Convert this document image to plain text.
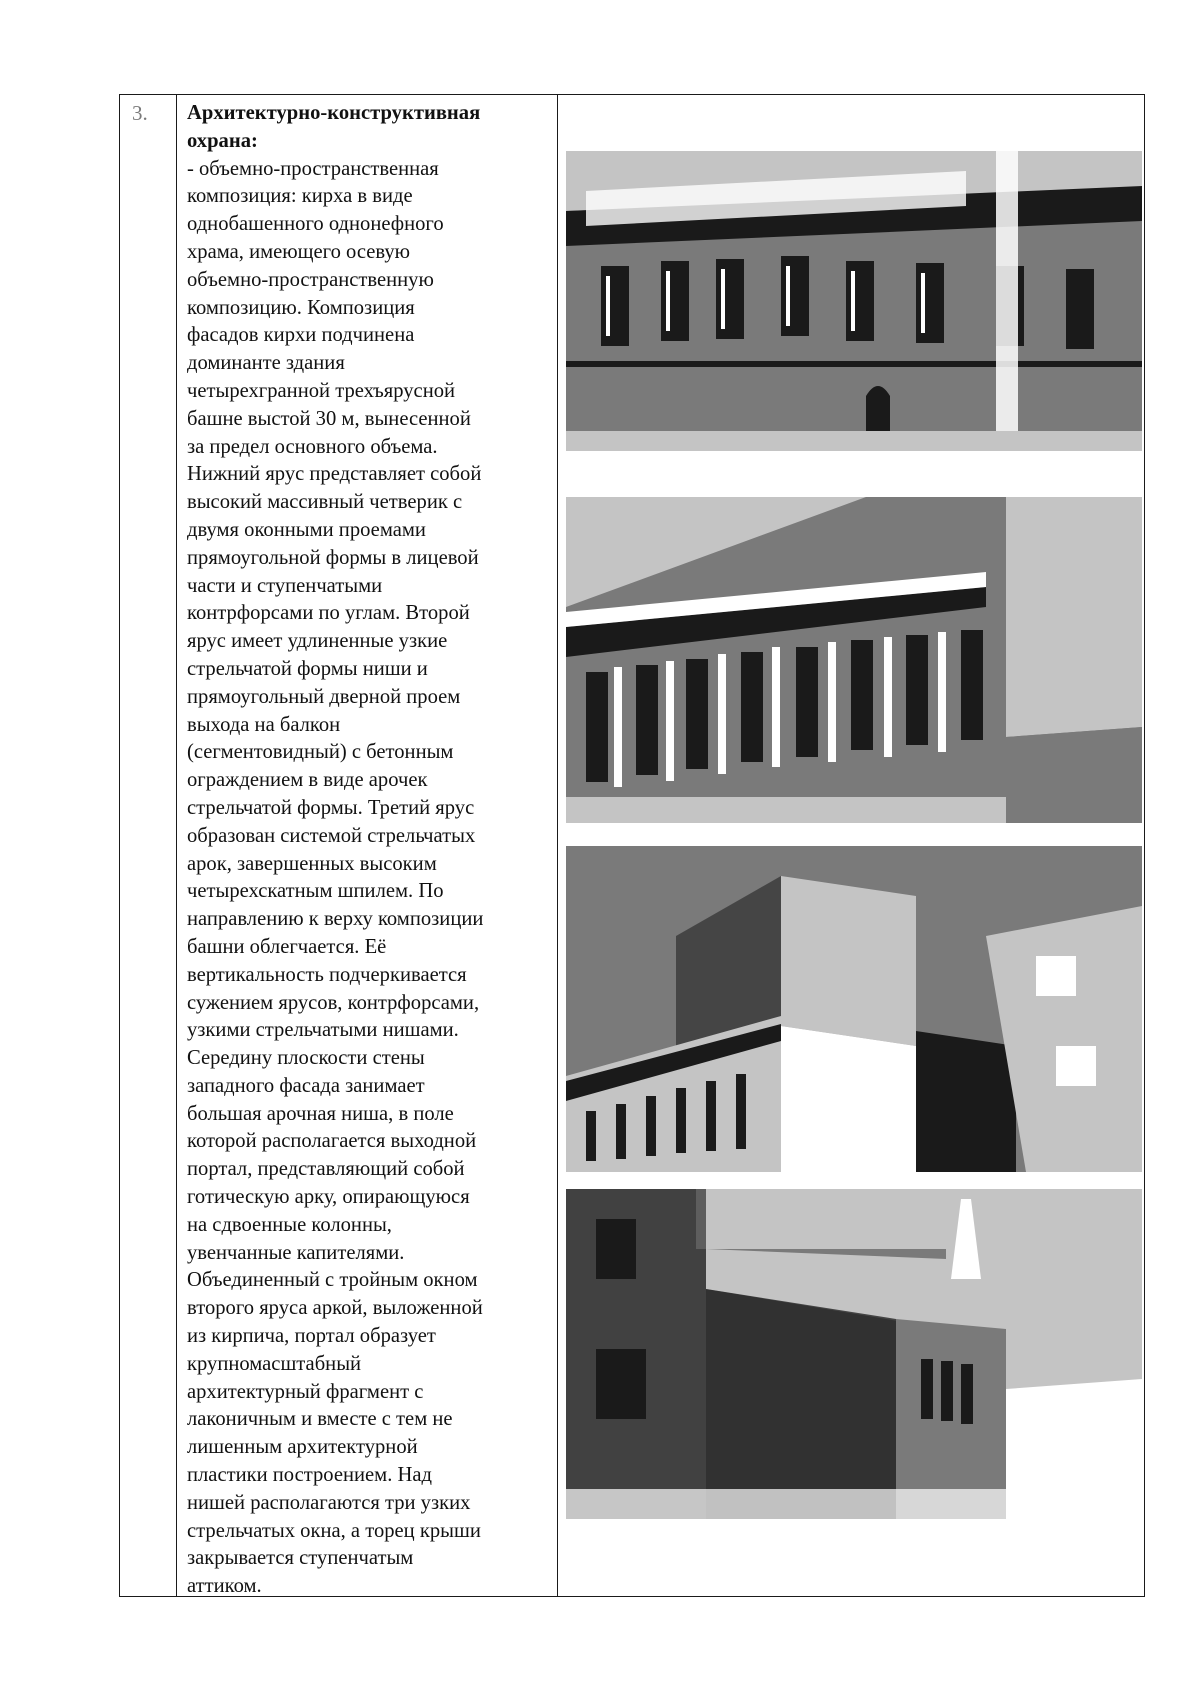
3. Архитектурно-конструктивная
охрана:
- объемно-пространственная
композиция: кирха в виде
однобашенного однонефного
храма, имеющего осевую
объемно-пространственную
композицию. Композиция
фасадов кирхи подчинена
доминанте здания
четырехгранной трехъярусной
башне выстой 30 м, вынесенной
за предел основного объема.
Нижний ярус представляет собой
высокий массивный четверик с
двумя оконными проемами
прямоугольной формы в лицевой
части и ступенчатыми
контрфорсами по углам. Второй
ярус имеет удлиненные узкие
стрельчатой формы ниши и
прямоугольный дверной проем
выхода на балкон
(сегментовидный) с бетонным
ограждением в виде арочек
стрельчатой формы. Третий ярус
образован системой стрельчатых
арок, завершенных высоким
четырехскатным шпилем. По
направлению к верху композиции
башни облегчается. Её
вертикальность подчеркивается
сужением ярусов, контрфорсами,
узкими стрельчатыми нишами.
Середину плоскости стены
западного фасада занимает
большая арочная ниша, в поле
которой располагается выходной
портал, представляющий собой
готическую арку, опирающуюся
на сдвоенные колонны,
увенчанные капителями.
Объединенный с тройным окном
второго яруса аркой, выложенной
из кирпича, портал образует
крупномасштабный
архитектурный фрагмент с
лаконичным и вместе с тем не
лишенным архитектурной
пластики построением. Над
нишей располагаются три узких
стрельчатых окна, а торец крыши
закрывается ступенчатым
аттиком.
